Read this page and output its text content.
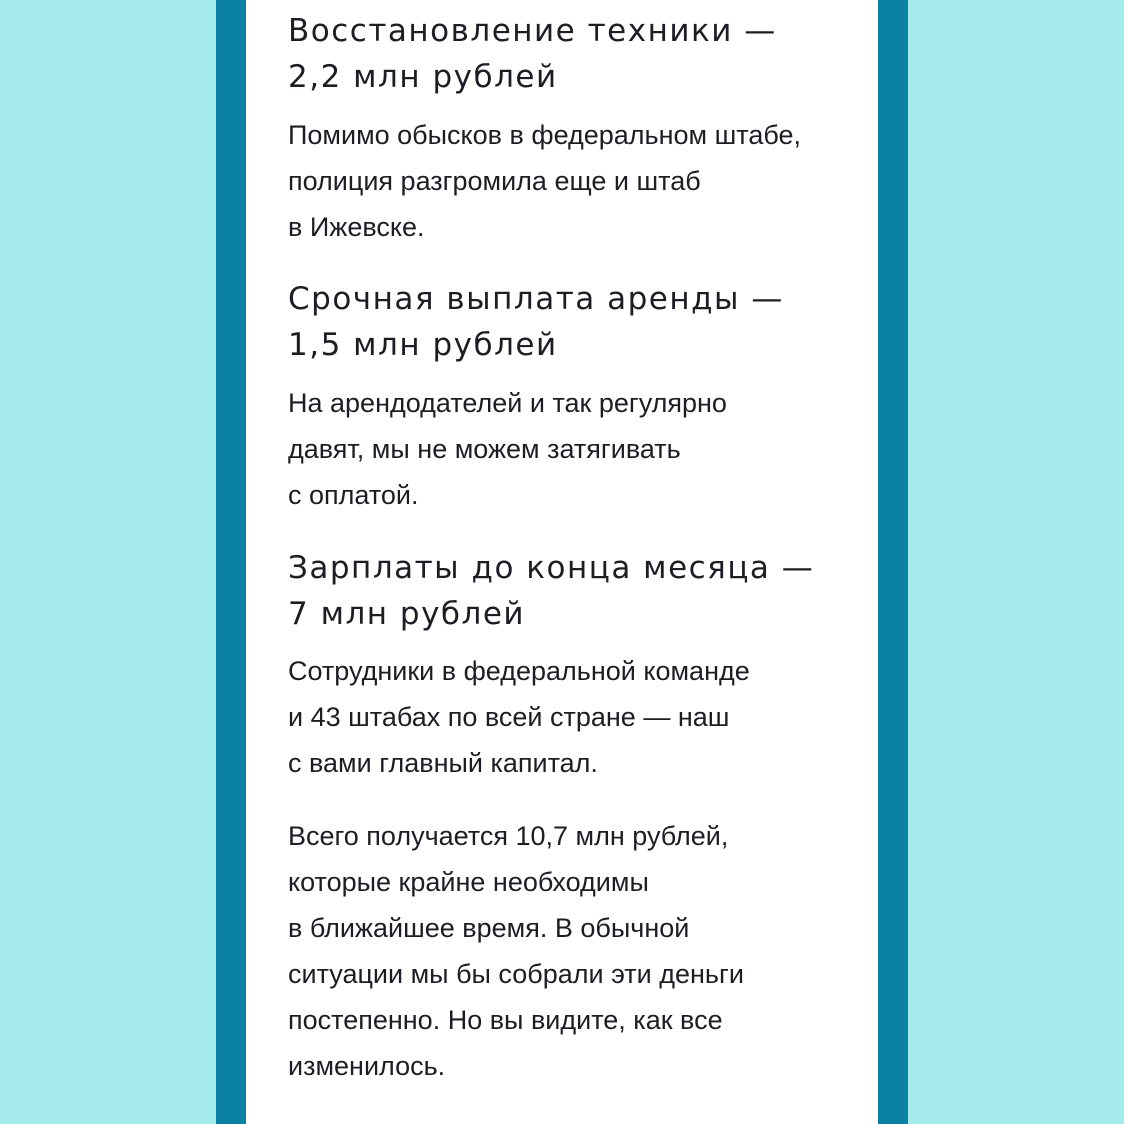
Восстановление техники —
2,2 млн рублей

Помимо обысков в федеральном штабе,
полиция разгромила еще и штаб
в Ижевске.

Срочная выплата аренды —
1,5 млн рублей

На арендодателей и так регулярно
давят, мы не можем затягивать
с оплатой.

Зарплаты до конца месяца —
7 млн рублей

Сотрудники в федеральной команде
и 43 штабах по всей стране — наш
с вами главный капитал.

Всего получается 10,7 млн рублей,
которые крайне необходимы
в ближайшее время. В обычной
ситуации мы бы собрали эти деньги
постепенно. Но вы видите, как все
изменилось.
